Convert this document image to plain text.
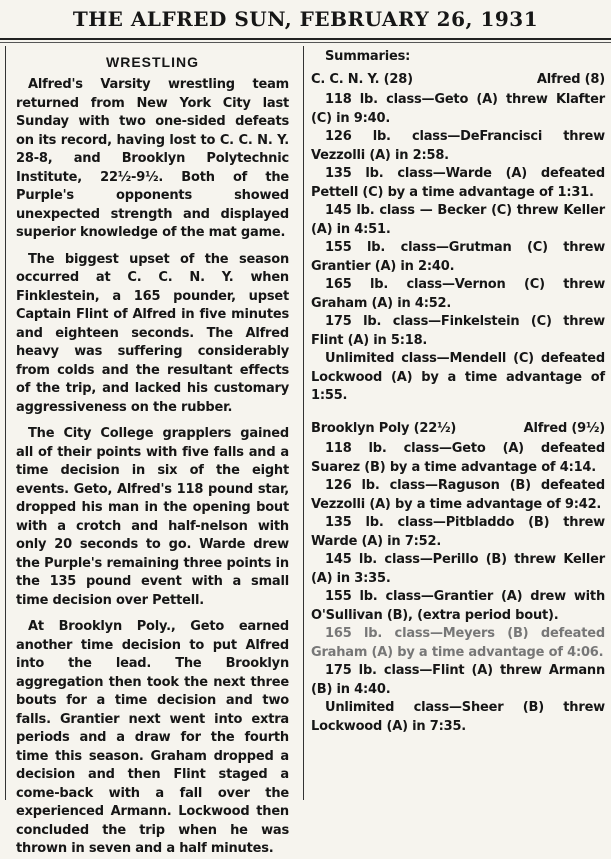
THE ALFRED SUN, FEBRUARY 26, 1931
WRESTLING

Alfred's Varsity wrestling team returned from New York City last Sunday with two one-sided defeats on its record, having lost to C. C. N. Y. 28-8, and Brooklyn Polytechnic Institute, 22½-9½. Both of the Purple's opponents showed unexpected strength and displayed superior knowledge of the mat game.

The biggest upset of the season occurred at C. C. N. Y. when Finklestein, a 165 pounder, upset Captain Flint of Alfred in five minutes and eighteen seconds. The Alfred heavy was suffering considerably from colds and the resultant effects of the trip, and lacked his customary aggressiveness on the rubber.

The City College grapplers gained all of their points with five falls and a time decision in six of the eight events. Geto, Alfred's 118 pound star, dropped his man in the opening bout with a crotch and half-nelson with only 20 seconds to go. Warde drew the Purple's remaining three points in the 135 pound event with a small time decision over Pettell.

At Brooklyn Poly., Geto earned another time decision to put Alfred into the lead. The Brooklyn aggregation then took the next three bouts for a time decision and two falls. Grantier next went into extra periods and a draw for the fourth time this season. Graham dropped a decision and then Flint staged a come-back with a fall over the experienced Armann. Lockwood then concluded the trip when he was thrown in seven and a half minutes.

Summaries:
C. C. N. Y. (28)	Alfred (8)
118 lb. class—Geto (A) threw Klafter (C) in 9:40.
126 lb. class—DeFrancisci threw Vezzolli (A) in 2:58.
135 lb. class—Warde (A) defeated Pettell (C) by a time advantage of 1:31.
145 lb. class — Becker (C) threw Keller (A) in 4:51.
155 lb. class—Grutman (C) threw Grantier (A) in 2:40.
165 lb. class—Vernon (C) threw Graham (A) in 4:52.
175 lb. class—Finkelstein (C) threw Flint (A) in 5:18.
Unlimited class—Mendell (C) defeated Lockwood (A) by a time advantage of 1:55.
Brooklyn Poly (22½)	Alfred (9½)
118 lb. class—Geto (A) defeated Suarez (B) by a time advantage of 4:14.
126 lb. class—Raguson (B) defeated Vezzolli (A) by a time advantage of 9:42.
135 lb. class—Pitbladdo (B) threw Warde (A) in 7:52.
145 lb. class—Perillo (B) threw Keller (A) in 3:35.
155 lb. class—Grantier (A) drew with O'Sullivan (B), (extra period bout).
165 lb. class—Meyers (B) defeated Graham (A) by a time advantage of 4:06.
175 lb. class—Flint (A) threw Armann (B) in 4:40.
Unlimited class—Sheer (B) threw Lockwood (A) in 7:35.
